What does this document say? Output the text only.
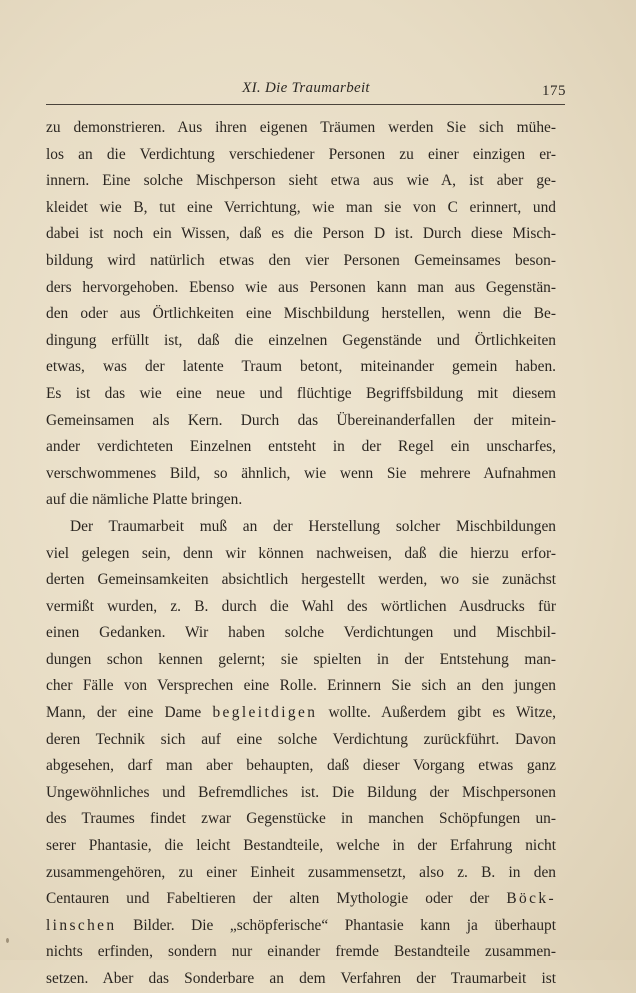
XI. Die Traumarbeit	175
zu demonstrieren. Aus ihren eigenen Träumen werden Sie sich mühe-
los an die Verdichtung verschiedener Personen zu einer einzigen er-
innern. Eine solche Mischperson sieht etwa aus wie A, ist aber ge-
kleidet wie B, tut eine Verrichtung, wie man sie von C erinnert, und
dabei ist noch ein Wissen, daß es die Person D ist. Durch diese Misch-
bildung wird natürlich etwas den vier Personen Gemeinsames beson-
ders hervorgehoben. Ebenso wie aus Personen kann man aus Gegenstän-
den oder aus Örtlichkeiten eine Mischbildung herstellen, wenn die Be-
dingung erfüllt ist, daß die einzelnen Gegenstände und Örtlichkeiten
etwas, was der latente Traum betont, miteinander gemein haben.
Es ist das wie eine neue und flüchtige Begriffsbildung mit diesem
Gemeinsamen als Kern. Durch das Übereinanderfallen der mitein-
ander verdichteten Einzelnen entsteht in der Regel ein unscharfes,
verschwommenes Bild, so ähnlich, wie wenn Sie mehrere Aufnahmen
auf die nämliche Platte bringen.
Der Traumarbeit muß an der Herstellung solcher Mischbildungen
viel gelegen sein, denn wir können nachweisen, daß die hierzu erfor-
derten Gemeinsamkeiten absichtlich hergestellt werden, wo sie zunächst
vermißt wurden, z. B. durch die Wahl des wörtlichen Ausdrucks für
einen Gedanken. Wir haben solche Verdichtungen und Mischbil-
dungen schon kennen gelernt; sie spielten in der Entstehung man-
cher Fälle von Versprechen eine Rolle. Erinnern Sie sich an den jungen
Mann, der eine Dame begleitdigen wollte. Außerdem gibt es Witze,
deren Technik sich auf eine solche Verdichtung zurückführt. Davon
abgesehen, darf man aber behaupten, daß dieser Vorgang etwas ganz
Ungewöhnliches und Befremdliches ist. Die Bildung der Mischpersonen
des Traumes findet zwar Gegenstücke in manchen Schöpfungen un-
serer Phantasie, die leicht Bestandteile, welche in der Erfahrung nicht
zusammengehören, zu einer Einheit zusammensetzt, also z. B. in den
Centauren und Fabeltieren der alten Mythologie oder der Böck-
linschen Bilder. Die „schöpferische“ Phantasie kann ja überhaupt
nichts erfinden, sondern nur einander fremde Bestandteile zusammen-
setzen. Aber das Sonderbare an dem Verfahren der Traumarbeit ist
